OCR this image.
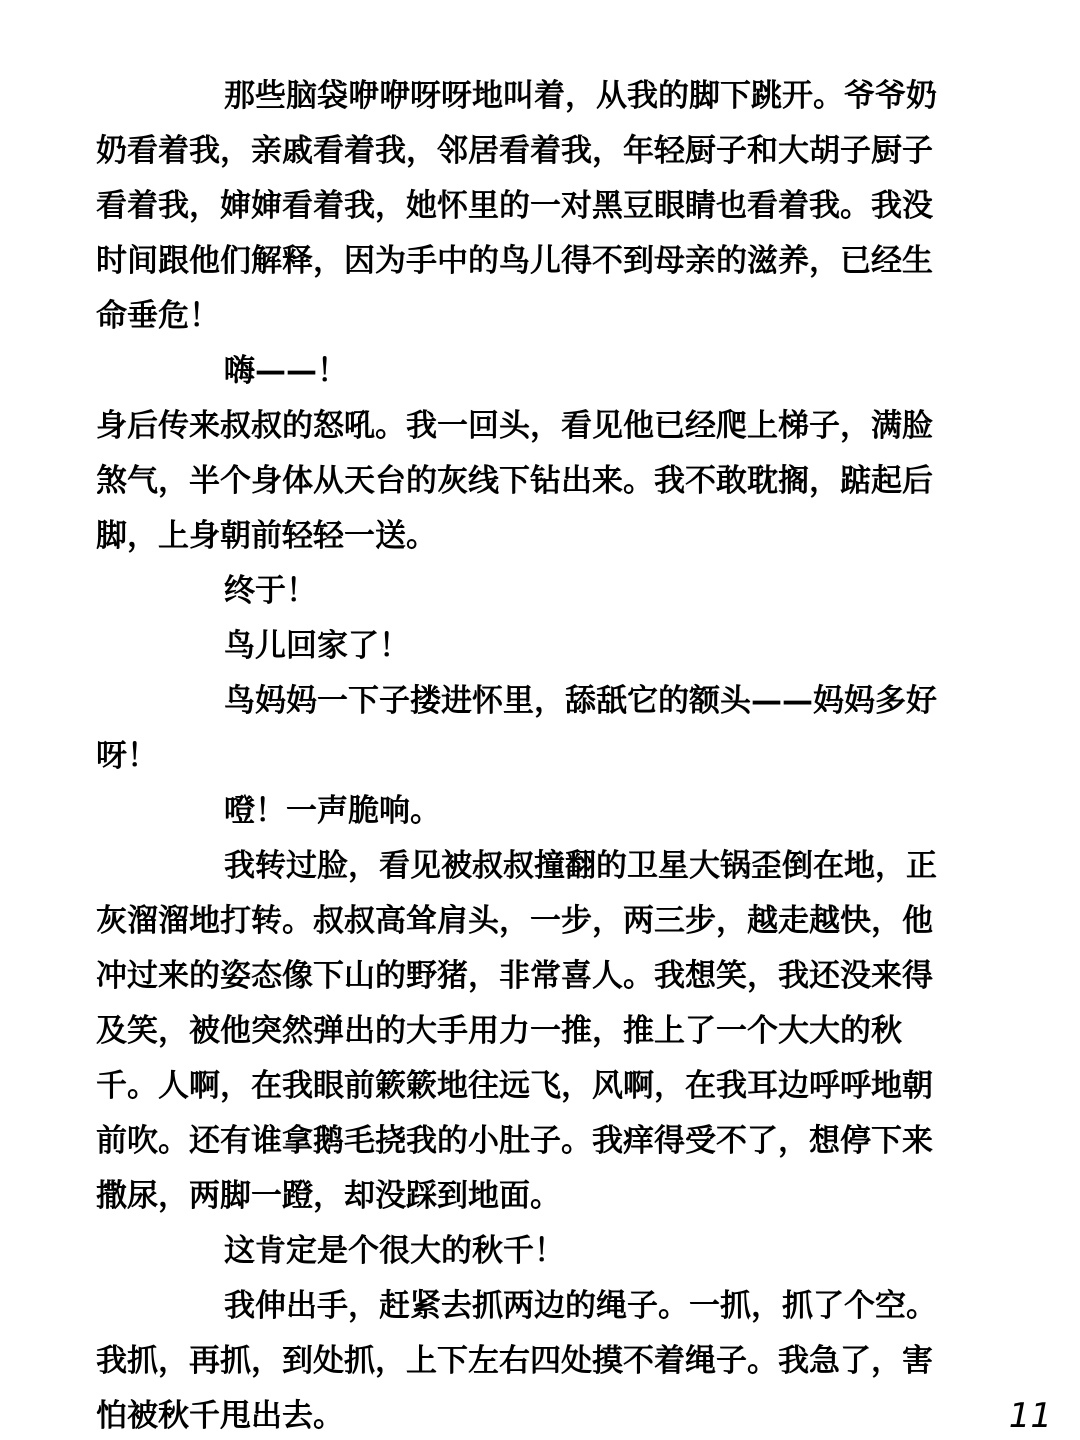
那些脑袋咿咿呀呀地叫着，从我的脚下跳开。爷爷奶
奶看着我，亲戚看着我，邻居看着我，年轻厨子和大胡子厨子
看着我，婶婶看着我，她怀里的一对黑豆眼睛也看着我。我没
时间跟他们解释，因为手中的鸟儿得不到母亲的滋养，已经生
命垂危！
嗨——！
身后传来叔叔的怒吼。我一回头，看见他已经爬上梯子，满脸
煞气，半个身体从天台的灰线下钻出来。我不敢耽搁，踮起后
脚，上身朝前轻轻一送。
终于！
鸟儿回家了！
鸟妈妈一下子搂进怀里，舔舐它的额头——妈妈多好
呀！
噔！一声脆响。
我转过脸，看见被叔叔撞翻的卫星大锅歪倒在地，正
灰溜溜地打转。叔叔高耸肩头，一步，两三步，越走越快，他
冲过来的姿态像下山的野猪，非常喜人。我想笑，我还没来得
及笑，被他突然弹出的大手用力一推，推上了一个大大的秋
千。人啊，在我眼前簌簌地往远飞，风啊，在我耳边呼呼地朝
前吹。还有谁拿鹅毛挠我的小肚子。我痒得受不了，想停下来
撒尿，两脚一蹬，却没踩到地面。
这肯定是个很大的秋千！
我伸出手，赶紧去抓两边的绳子。一抓，抓了个空。
我抓，再抓，到处抓，上下左右四处摸不着绳子。我急了，害
怕被秋千甩出去。	11
